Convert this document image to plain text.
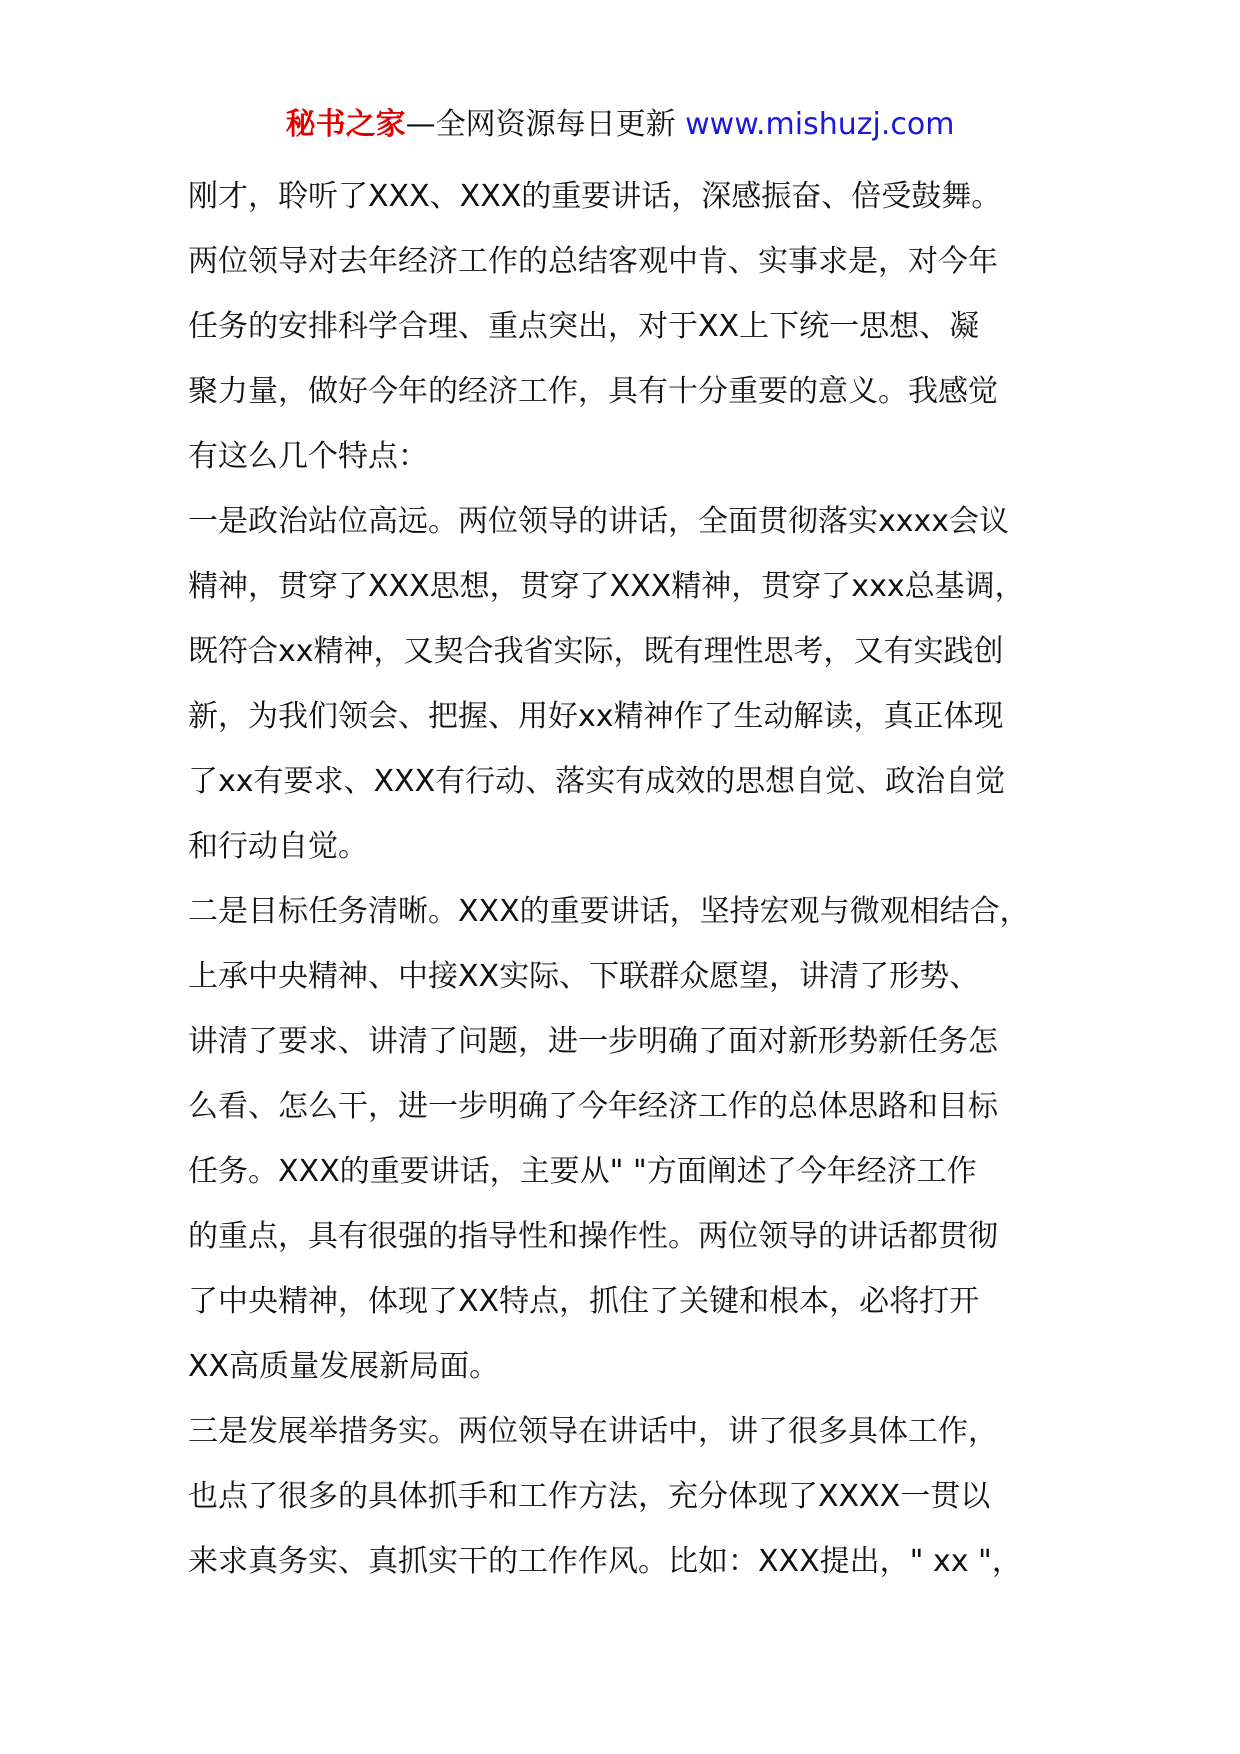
秘书之家—全网资源每日更新 www.mishuzj.com
刚才，聆听了XXX、XXX的重要讲话，深感振奋、倍受鼓舞。
两位领导对去年经济工作的总结客观中肯、实事求是，对今年
任务的安排科学合理、重点突出，对于XX上下统一思想、凝
聚力量，做好今年的经济工作，具有十分重要的意义。我感觉
有这么几个特点：
一是政治站位高远。两位领导的讲话，全面贯彻落实xxxx会议
精神，贯穿了XXX思想，贯穿了XXX精神，贯穿了xxx总基调，
既符合xx精神，又契合我省实际，既有理性思考，又有实践创
新，为我们领会、把握、用好xx精神作了生动解读，真正体现
了xx有要求、XXX有行动、落实有成效的思想自觉、政治自觉
和行动自觉。
二是目标任务清晰。XXX的重要讲话，坚持宏观与微观相结合，
上承中央精神、中接XX实际、下联群众愿望，讲清了形势、
讲清了要求、讲清了问题，进一步明确了面对新形势新任务怎
么看、怎么干，进一步明确了今年经济工作的总体思路和目标
任务。XXX的重要讲话，主要从" "方面阐述了今年经济工作
的重点，具有很强的指导性和操作性。两位领导的讲话都贯彻
了中央精神，体现了XX特点，抓住了关键和根本，必将打开
XX高质量发展新局面。
三是发展举措务实。两位领导在讲话中，讲了很多具体工作，
也点了很多的具体抓手和工作方法，充分体现了XXXX一贯以
来求真务实、真抓实干的工作作风。比如：XXX提出，" xx "，
